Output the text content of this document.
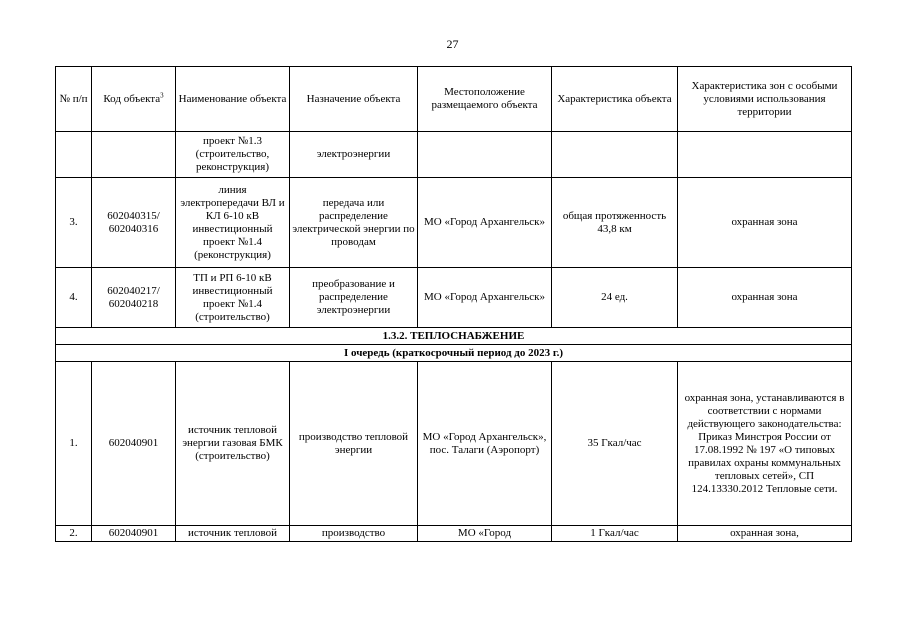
27
№ п/п	Код объекта$^3$	Наименование объекта	Назначение объекта	Местоположение размещаемого объекта	Характеристика объекта	Характеристика зон с особыми условиями использования территории
		проект №1.3 (строительство, реконструкция)	электроэнергии			
3.	602040315/ 602040316	линия электропередачи ВЛ и КЛ 6-10 кВ инвестиционный проект №1.4 (реконструкция)	передача или распределение электрической энергии по проводам	МО «Город Архангельск»	общая протяженность 43,8 км	охранная зона
4.	602040217/ 602040218	ТП и РП 6-10 кВ инвестиционный проект №1.4 (строительство)	преобразование и распределение электроэнергии	МО «Город Архангельск»	24 ед.	охранная зона
1.3.2. ТЕПЛОСНАБЖЕНИЕ						
I очередь (краткосрочный период до 2023 г.)						
1.	602040901	источник тепловой энергии газовая БМК (строительство)	производство тепловой энергии	МО «Город Архангельск», пос. Талаги (Аэропорт)	35 Гкал/час	охранная зона, устанавливаются в соответствии с нормами действующего законодательства: Приказ Минстроя России от 17.08.1992 № 197 «О типовых правилах охраны коммунальных тепловых сетей», СП 124.13330.2012 Тепловые сети.
2.	602040901	источник тепловой	производство	МО «Город	1 Гкал/час	охранная зона,
